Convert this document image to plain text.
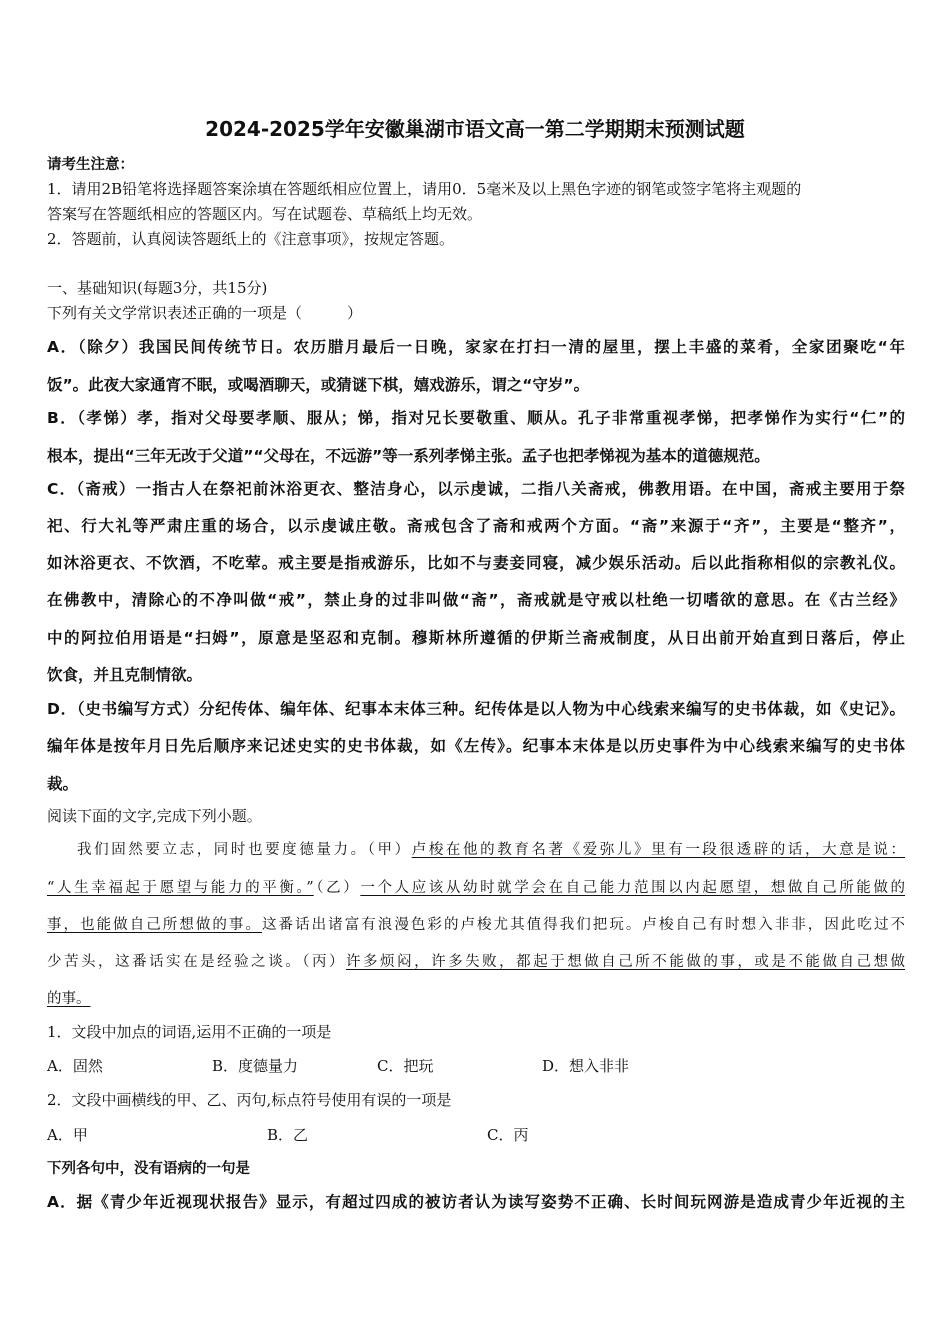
2024-2025学年安徽巢湖市语文高一第二学期期末预测试题
请考生注意：
1．请用2B铅笔将选择题答案涂填在答题纸相应位置上，请用0．5毫米及以上黑色字迹的钢笔或签字笔将主观题的
答案写在答题纸相应的答题区内。写在试题卷、草稿纸上均无效。
2．答题前，认真阅读答题纸上的《注意事项》，按规定答题。
一、基础知识(每题3分，共15分)
下列有关文学常识表述正确的一项是（　　　）
A．（除夕）我国民间传统节日。农历腊月最后一日晚，家家在打扫一清的屋里，摆上丰盛的菜肴，全家团聚吃“年
饭”。此夜大家通宵不眠，或喝酒聊天，或猜谜下棋，嬉戏游乐，谓之“守岁”。
B．（孝悌）孝，指对父母要孝顺、服从；悌，指对兄长要敬重、顺从。孔子非常重视孝悌，把孝悌作为实行“仁”的
根本，提出“三年无改于父道”“父母在，不远游”等一系列孝悌主张。孟子也把孝悌视为基本的道德规范。
C．（斋戒）一指古人在祭祀前沐浴更衣、整洁身心，以示虔诚，二指八关斋戒，佛教用语。在中国，斋戒主要用于祭
祀、行大礼等严肃庄重的场合，以示虔诚庄敬。斋戒包含了斋和戒两个方面。“斋”来源于“齐”，主要是“整齐”，
如沐浴更衣、不饮酒，不吃荤。戒主要是指戒游乐，比如不与妻妾同寝，减少娱乐活动。后以此指称相似的宗教礼仪。
在佛教中，清除心的不净叫做“戒”，禁止身的过非叫做“斋”，斋戒就是守戒以杜绝一切嗜欲的意思。在《古兰经》
中的阿拉伯用语是“扫姆”，原意是坚忍和克制。穆斯林所遵循的伊斯兰斋戒制度，从日出前开始直到日落后，停止
饮食，并且克制情欲。
D．（史书编写方式）分纪传体、编年体、纪事本末体三种。纪传体是以人物为中心线索来编写的史书体裁，如《史记》。
编年体是按年月日先后顺序来记述史实的史书体裁，如《左传》。纪事本末体是以历史事件为中心线索来编写的史书体
裁。
阅读下面的文字,完成下列小题。
我们固然要立志，同时也要度德量力。（甲）卢梭在他的教育名著《爱弥儿》里有一段很透辟的话，大意是说：
“人生幸福起于愿望与能力的平衡。”（乙）一个人应该从幼时就学会在自己能力范围以内起愿望，想做自己所能做的
事，也能做自己所想做的事。这番话出诸富有浪漫色彩的卢梭尤其值得我们把玩。卢梭自己有时想入非非，因此吃过不
少苦头，这番话实在是经验之谈。（丙）许多烦闷，许多失败，都起于想做自己所不能做的事，或是不能做自己想做
的事。
1．文段中加点的词语,运用不正确的一项是
A．固然	B．度德量力	C．把玩	D．想入非非
2．文段中画横线的甲、乙、丙句,标点符号使用有误的一项是
A．甲	B．乙	C．丙
下列各句中，没有语病的一句是
A．据《青少年近视现状报告》显示，有超过四成的被访者认为读写姿势不正确、长时间玩网游是造成青少年近视的主
